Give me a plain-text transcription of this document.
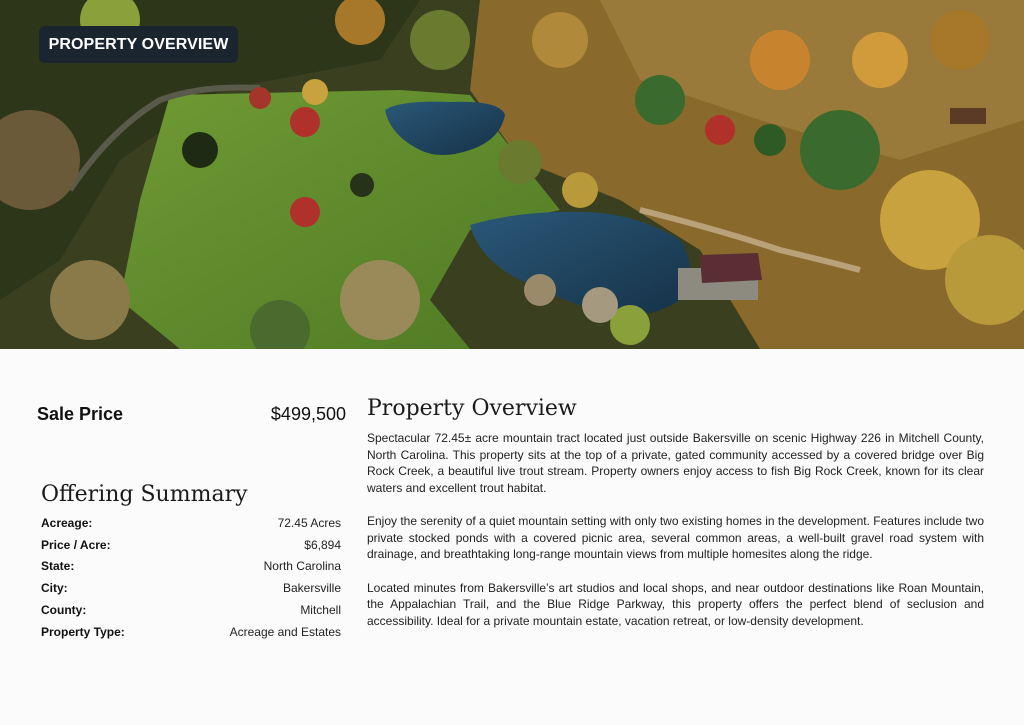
PROPERTY OVERVIEW
Sale Price	$499,500
Offering Summary
Acreage:	72.45 Acres
Price / Acre:	$6,894
State:	North Carolina
City:	Bakersville
County:	Mitchell
Property Type:	Acreage and Estates
Property Overview

Spectacular 72.45± acre mountain tract located just outside Bakersville on scenic Highway 226 in Mitchell County, North Carolina. This property sits at the top of a private, gated community accessed by a covered bridge over Big Rock Creek, a beautiful live trout stream. Property owners enjoy access to fish Big Rock Creek, known for its clear waters and excellent trout habitat.

Enjoy the serenity of a quiet mountain setting with only two existing homes in the development. Features include two private stocked ponds with a covered picnic area, several common areas, a well-built gravel road system with drainage, and breathtaking long-range mountain views from multiple homesites along the ridge.

Located minutes from Bakersville’s art studios and local shops, and near outdoor destinations like Roan Mountain, the Appalachian Trail, and the Blue Ridge Parkway, this property offers the perfect blend of seclusion and accessibility. Ideal for a private mountain estate, vacation retreat, or low-density development.
